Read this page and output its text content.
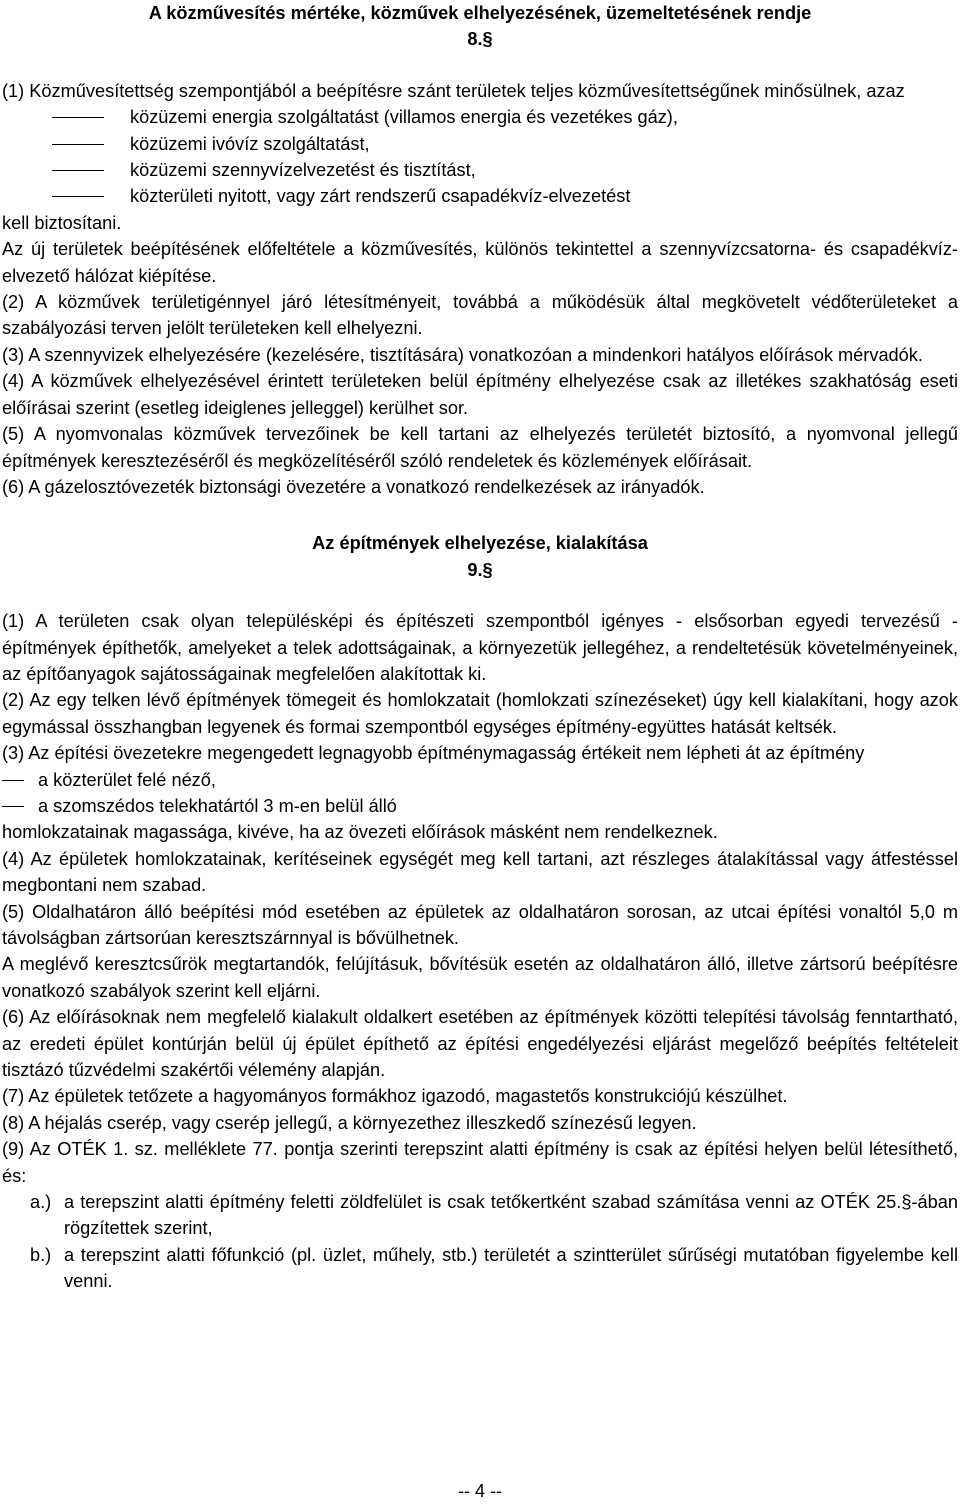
A közművesítés mértéke, közművek elhelyezésének, üzemeltetésének rendje
8.§

(1) Közművesítettség szempontjából a beépítésre szánt területek teljes közművesítettségűnek minősülnek, azaz

közüzemi energia szolgáltatást (villamos energia és vezetékes gáz),

közüzemi ivóvíz szolgáltatást,

közüzemi szennyvízelvezetést és tisztítást,

közterületi nyitott, vagy zárt rendszerű csapadékvíz-elvezetést

kell biztosítani.

Az új területek beépítésének előfeltétele a közművesítés, különös tekintettel a szennyvízcsatorna- és csapadékvíz-elvezető hálózat kiépítése.

(2) A közművek területigénnyel járó létesítményeit, továbbá a működésük által megkövetelt védőterületeket a szabályozási terven jelölt területeken kell elhelyezni.

(3) A szennyvizek elhelyezésére (kezelésére, tisztítására) vonatkozóan a mindenkori hatályos előírások mérvadók.

(4) A közművek elhelyezésével érintett területeken belül építmény elhelyezése csak az illetékes szakhatóság eseti előírásai szerint (esetleg ideiglenes jelleggel) kerülhet sor.

(5) A nyomvonalas közművek tervezőinek be kell tartani az elhelyezés területét biztosító, a nyomvonal jellegű építmények keresztezéséről és megközelítéséről szóló rendeletek és közlemények előírásait.

(6) A gázelosztóvezeték biztonsági övezetére a vonatkozó rendelkezések az irányadók.

Az építmények elhelyezése, kialakítása
9.§

(1) A területen csak olyan településképi és építészeti szempontból igényes - elsősorban egyedi tervezésű - építmények építhetők, amelyeket a telek adottságainak, a környezetük jellegéhez, a rendeltetésük követelményeinek, az építőanyagok sajátosságainak megfelelően alakítottak ki.

(2) Az egy telken lévő építmények tömegeit és homlokzatait (homlokzati színezéseket) úgy kell kialakítani, hogy azok egymással összhangban legyenek és formai szempontból egységes építmény-együttes hatását keltsék.

(3) Az építési övezetekre megengedett legnagyobb építménymagasság értékeit nem lépheti át az építmény

a közterület felé néző,

a szomszédos telekhatártól 3 m-en belül álló

homlokzatainak magassága, kivéve, ha az övezeti előírások másként nem rendelkeznek.

(4) Az épületek homlokzatainak, kerítéseinek egységét meg kell tartani, azt részleges átalakítással vagy átfestéssel megbontani nem szabad.

(5) Oldalhatáron álló beépítési mód esetében az épületek az oldalhatáron sorosan, az utcai építési vonaltól 5,0 m távolságban zártsorúan keresztszárnnyal is bővülhetnek.

A meglévő keresztcsűrök megtartandók, felújításuk, bővítésük esetén az oldalhatáron álló, illetve zártsorú beépítésre vonatkozó szabályok szerint kell eljárni.

(6) Az előírásoknak nem megfelelő kialakult oldalkert esetében az építmények közötti telepítési távolság fenntartható, az eredeti épület kontúrján belül új épület építhető az építési engedélyezési eljárást megelőző beépítés feltételeit tisztázó tűzvédelmi szakértői vélemény alapján.

(7) Az épületek tetőzete a hagyományos formákhoz igazodó, magastetős konstrukciójú készülhet.

(8) A héjalás cserép, vagy cserép jellegű, a környezethez illeszkedő színezésű legyen.

(9) Az OTÉK 1. sz. melléklete 77. pontja szerinti terepszint alatti építmény is csak az építési helyen belül létesíthető, és:

a.) a terepszint alatti építmény feletti zöldfelület is csak tetőkertként szabad számítása venni az OTÉK 25.§-ában rögzítettek szerint,
b.) a terepszint alatti főfunkció (pl. üzlet, műhely, stb.) területét a szintterület sűrűségi mutatóban figyelembe kell venni.
-- 4 --
